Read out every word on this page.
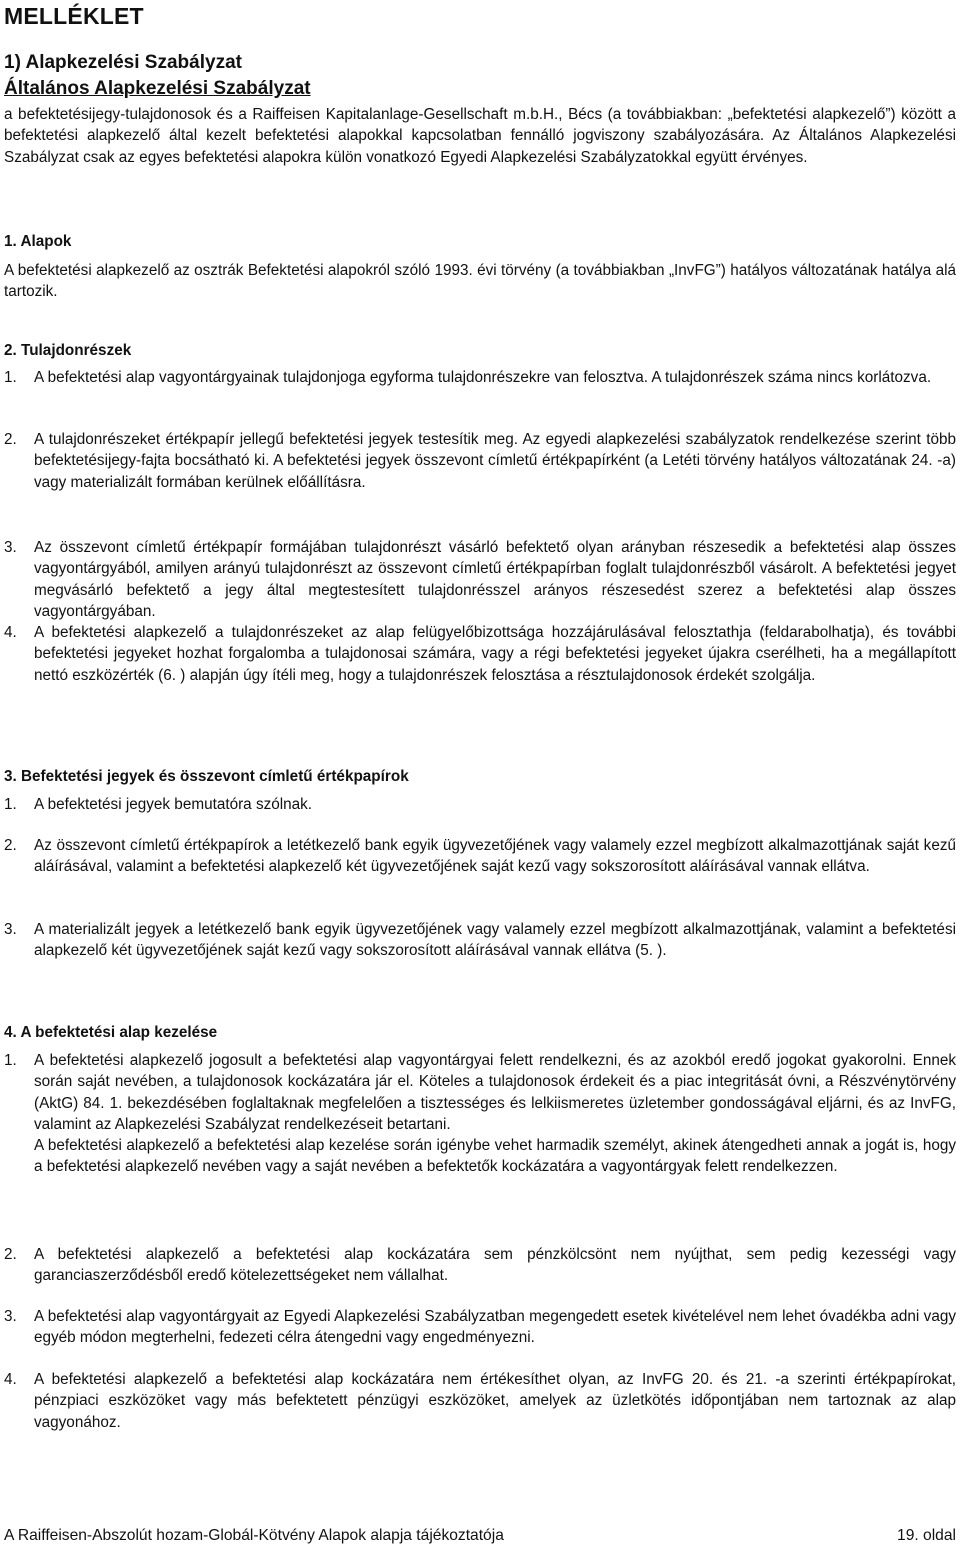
MELLÉKLET
1) Alapkezelési Szabályzat
Általános Alapkezelési Szabályzat

a befektetésijegy-tulajdonosok és a Raiffeisen Kapitalanlage-Gesellschaft m.b.H., Bécs (a továbbiakban: „befektetési alapkezelő”) között a befektetési alapkezelő által kezelt befektetési alapokkal kapcsolatban fennálló jogviszony szabályozására. Az Általános Alapkezelési Szabályzat csak az egyes befektetési alapokra külön vonatkozó Egyedi Alapkezelési Szabályzatokkal együtt érvényes.

1. Alapok

A befektetési alapkezelő az osztrák Befektetési alapokról szóló 1993. évi törvény (a továbbiakban „InvFG”) hatályos változatának hatálya alá tartozik.

2. Tulajdonrészek

1. A befektetési alap vagyontárgyainak tulajdonjoga egyforma tulajdonrészekre van felosztva. A tulajdonrészek száma nincs korlátozva.
2. A tulajdonrészeket értékpapír jellegű befektetési jegyek testesítik meg. Az egyedi alapkezelési szabályzatok rendelkezése szerint több befektetésijegy-fajta bocsátható ki. A befektetési jegyek összevont címletű értékpapírként (a Letéti törvény hatályos változatának 24. -a) vagy materializált formában kerülnek előállításra.
3. Az összevont címletű értékpapír formájában tulajdonrészt vásárló befektető olyan arányban részesedik a befektetési alap összes vagyontárgyából, amilyen arányú tulajdonrészt az összevont címletű értékpapírban foglalt tulajdonrészből vásárolt. A befektetési jegyet megvásárló befektető a jegy által megtestesített tulajdonrésszel arányos részesedést szerez a befektetési alap összes vagyontárgyában.
4. A befektetési alapkezelő a tulajdonrészeket az alap felügyelőbizottsága hozzájárulásával felosztathja (feldarabolhatja), és további befektetési jegyeket hozhat forgalomba a tulajdonosai számára, vagy a régi befektetési jegyeket újakra cserélheti, ha a megállapított nettó eszközérték (6. ) alapján úgy ítéli meg, hogy a tulajdonrészek felosztása a résztulajdonosok érdekét szolgálja.

3. Befektetési jegyek és összevont címletű értékpapírok

1. A befektetési jegyek bemutatóra szólnak.
2. Az összevont címletű értékpapírok a letétkezelő bank egyik ügyvezetőjének vagy valamely ezzel megbízott alkalmazottjának saját kezű aláírásával, valamint a befektetési alapkezelő két ügyvezetőjének saját kezű vagy sokszorosított aláírásával vannak ellátva.
3. A materializált jegyek a letétkezelő bank egyik ügyvezetőjének vagy valamely ezzel megbízott alkalmazottjának, valamint a befektetési alapkezelő két ügyvezetőjének saját kezű vagy sokszorosított aláírásával vannak ellátva (5. ).

4. A befektetési alap kezelése

1. A befektetési alapkezelő jogosult a befektetési alap vagyontárgyai felett rendelkezni, és az azokból eredő jogokat gyakorolni. Ennek során saját nevében, a tulajdonosok kockázatára jár el. Köteles a tulajdonosok érdekeit és a piac integritását óvni, a Részvénytörvény (AktG) 84. 1. bekezdésében foglaltaknak megfelelően a tisztességes és lelkiismeretes üzletember gondosságával eljárni, és az InvFG, valamint az Alapkezelési Szabályzat rendelkezéseit betartani.
A befektetési alapkezelő a befektetési alap kezelése során igénybe vehet harmadik személyt, akinek átengedheti annak a jogát is, hogy a befektetési alapkezelő nevében vagy a saját nevében a befektetők kockázatára a vagyontárgyak felett rendelkezzen.
2. A befektetési alapkezelő a befektetési alap kockázatára sem pénzkölcsönt nem nyújthat, sem pedig kezességi vagy garanciaszerződésből eredő kötelezettségeket nem vállalhat.
3. A befektetési alap vagyontárgyait az Egyedi Alapkezelési Szabályzatban megengedett esetek kivételével nem lehet óvadékba adni vagy egyéb módon megterhelni, fedezeti célra átengedni vagy engedményezni.
4. A befektetési alapkezelő a befektetési alap kockázatára nem értékesíthet olyan, az InvFG 20. és 21. -a szerinti értékpapírokat, pénzpiaci eszközöket vagy más befektetett pénzügyi eszközöket, amelyek az üzletkötés időpontjában nem tartoznak az alap vagyonához.
A Raiffeisen-Abszolút hozam-Globál-Kötvény Alapok alapja tájékoztatója	19. oldal
